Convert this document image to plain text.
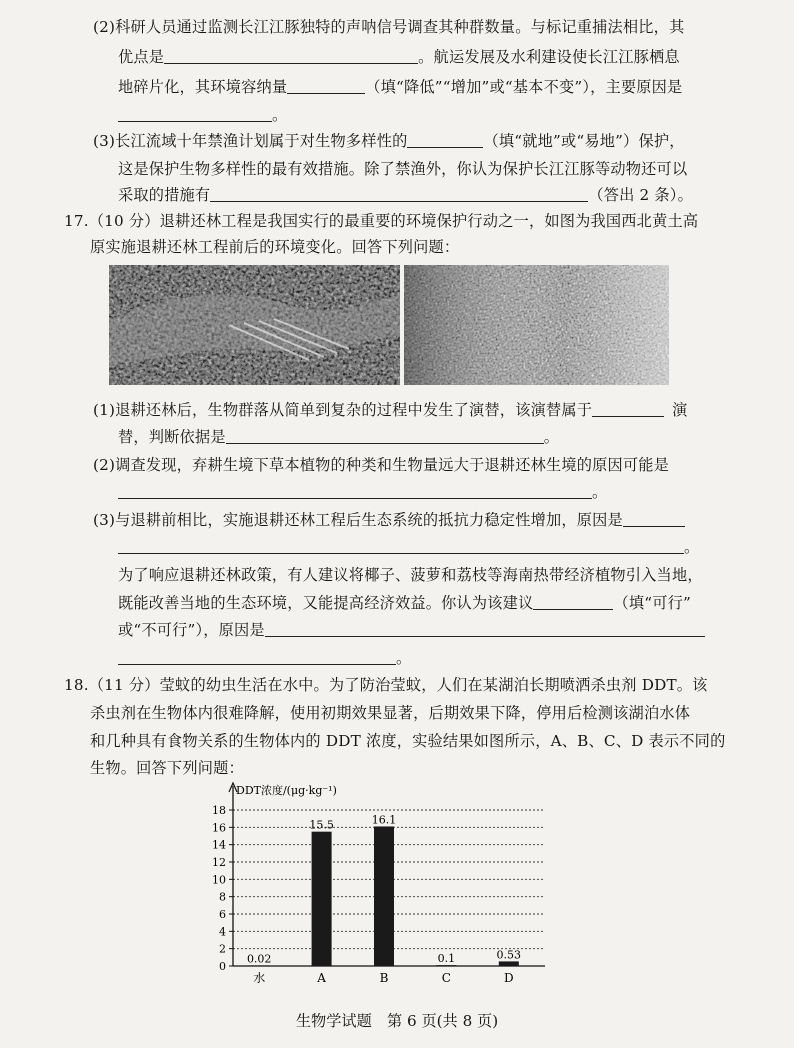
(2)科研人员通过监测长江江豚独特的声呐信号调查其种群数量。与标记重捕法相比，其
优点是	。航运发展及水利建设使长江江豚栖息
地碎片化，其环境容纳量	（填“降低”“增加”或“基本不变”），主要原因是
。
(3)长江流域十年禁渔计划属于对生物多样性的	（填“就地”或“易地”）保护，
这是保护生物多样性的最有效措施。除了禁渔外，你认为保护长江江豚等动物还可以
采取的措施有	（答出 2 条）。
17.（10 分）退耕还林工程是我国实行的最重要的环境保护行动之一，如图为我国西北黄土高
原实施退耕还林工程前后的环境变化。回答下列问题：
(1)退耕还林后，生物群落从简单到复杂的过程中发生了演替，该演替属于	演
替，判断依据是	。
(2)调查发现，弃耕生境下草本植物的种类和生物量远大于退耕还林生境的原因可能是
。
(3)与退耕前相比，实施退耕还林工程后生态系统的抵抗力稳定性增加，原因是
。
为了响应退耕还林政策，有人建议将椰子、菠萝和荔枝等海南热带经济植物引入当地，
既能改善当地的生态环境，又能提高经济效益。你认为该建议	（填“可行”
或“不可行”），原因是
。
18.（11 分）莹蚊的幼虫生活在水中。为了防治莹蚊，人们在某湖泊长期喷洒杀虫剂 DDT。该
杀虫剂在生物体内很难降解，使用初期效果显著，后期效果下降，停用后检测该湖泊水体
和几种具有食物关系的生物体内的 DDT 浓度，实验结果如图所示，A、B、C、D 表示不同的
生物。回答下列问题：
DDT浓度/(μg·kg⁻¹)
0
2
4
6
8
10
12
14
16
18
0.02
15.5	16.1
0.1	0.53
水	A	B	C	D
生物学试题　第 6 页(共 8 页)
